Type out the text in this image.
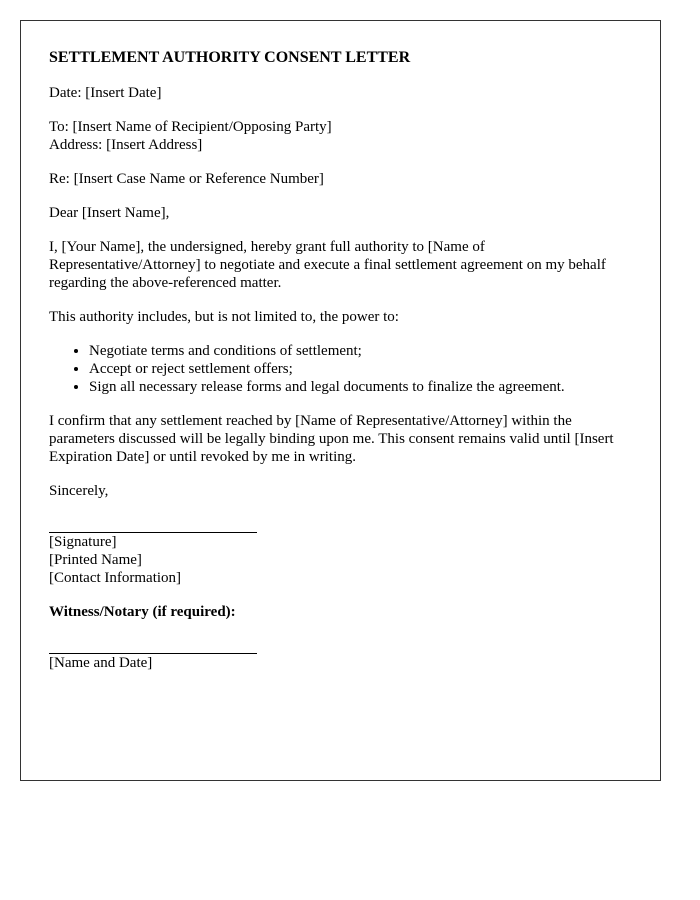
SETTLEMENT AUTHORITY CONSENT LETTER

Date: [Insert Date]

To: [Insert Name of Recipient/Opposing Party]
Address: [Insert Address]

Re: [Insert Case Name or Reference Number]

Dear [Insert Name],

I, [Your Name], the undersigned, hereby grant full authority to [Name of Representative/Attorney] to negotiate and execute a final settlement agreement on my behalf regarding the above-referenced matter.

This authority includes, but is not limited to, the power to:

• Negotiate terms and conditions of settlement;
• Accept or reject settlement offers;
• Sign all necessary release forms and legal documents to finalize the agreement.

I confirm that any settlement reached by [Name of Representative/Attorney] within the parameters discussed will be legally binding upon me. This consent remains valid until [Insert Expiration Date] or until revoked by me in writing.

Sincerely,

[Signature]
[Printed Name]
[Contact Information]
Witness/Notary (if required):
[Name and Date]
